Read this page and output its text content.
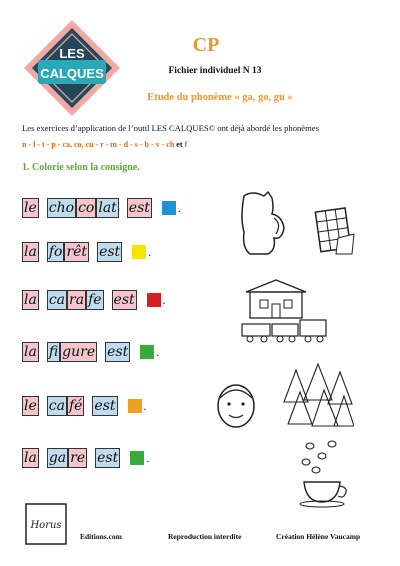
LES
CALQUES
CP
Fichier individuel N 13
Etude du phonème « ga, go, gu »
Les exercices d’application de l’outil LES CALQUES© ont déjà abordé les phonèmes
n - l - t - p - ca, co, cu - r - m - d - s - b - v - ch et f
1. Colorie selon la consigne.
le cho co lat est .
la fo rêt est .
la ca ra fe est .
la fi gure est .
le ca fé est .
la ga re est .
Horus
Editions.com	Reproduction interdite	Création Hélène Vaucamp
